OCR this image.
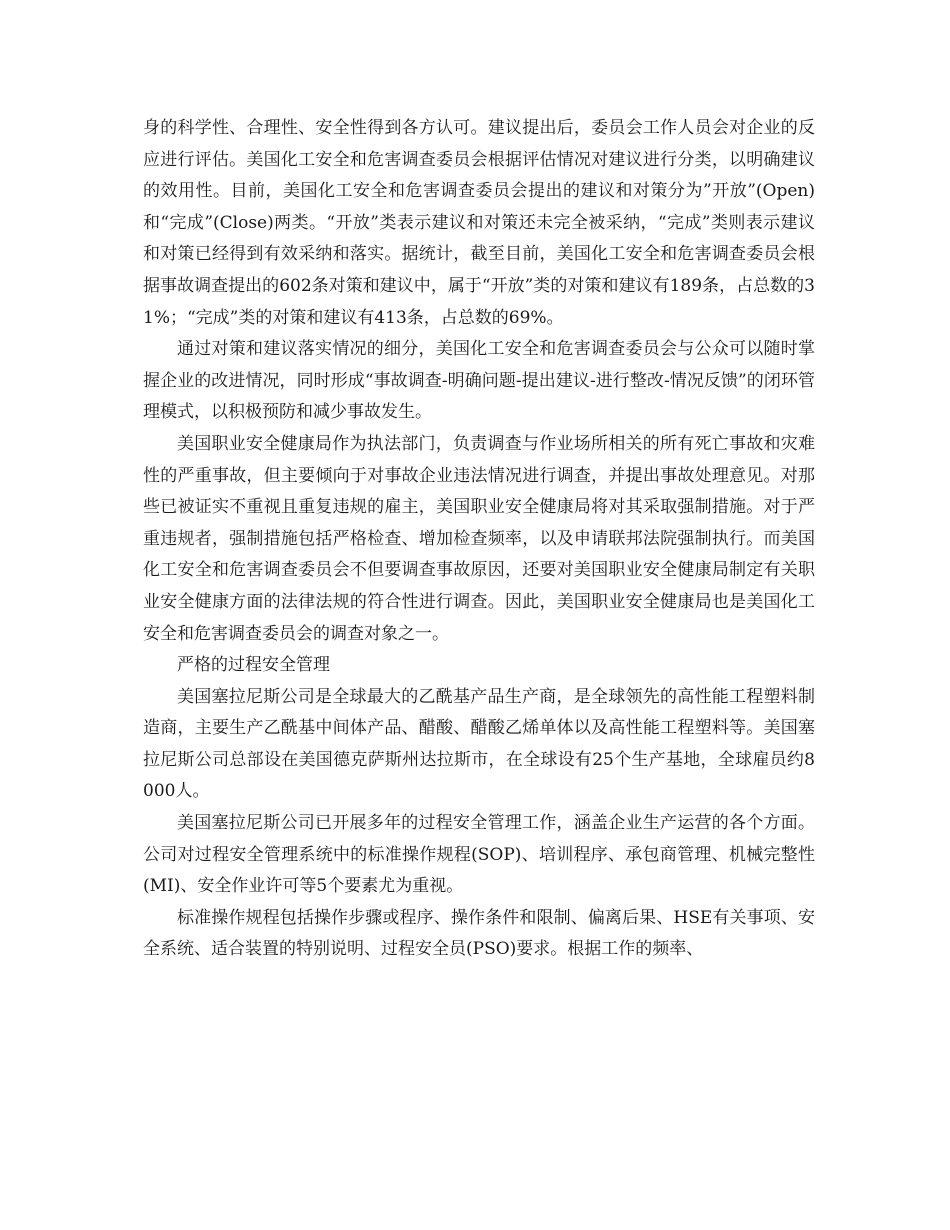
身的科学性、合理性、安全性得到各方认可。建议提出后，委员会工作人员会对企业的反应进行评估。美国化工安全和危害调查委员会根据评估情况对建议进行分类，以明确建议的效用性。目前，美国化工安全和危害调查委员会提出的建议和对策分为”开放”(Open)和“完成”(Close)两类。“开放”类表示建议和对策还未完全被采纳，“完成”类则表示建议和对策已经得到有效采纳和落实。据统计，截至目前，美国化工安全和危害调查委员会根据事故调查提出的602条对策和建议中，属于“开放”类的对策和建议有189条，占总数的31%；“完成”类的对策和建议有413条，占总数的69%。

通过对策和建议落实情况的细分，美国化工安全和危害调查委员会与公众可以随时掌握企业的改进情况，同时形成“事故调查-明确问题-提出建议-进行整改-情况反馈”的闭环管理模式，以积极预防和减少事故发生。

美国职业安全健康局作为执法部门，负责调查与作业场所相关的所有死亡事故和灾难性的严重事故，但主要倾向于对事故企业违法情况进行调查，并提出事故处理意见。对那些已被证实不重视且重复违规的雇主，美国职业安全健康局将对其采取强制措施。对于严重违规者，强制措施包括严格检查、增加检查频率，以及申请联邦法院强制执行。而美国化工安全和危害调查委员会不但要调查事故原因，还要对美国职业安全健康局制定有关职业安全健康方面的法律法规的符合性进行调查。因此，美国职业安全健康局也是美国化工安全和危害调查委员会的调查对象之一。

严格的过程安全管理

美国塞拉尼斯公司是全球最大的乙酰基产品生产商，是全球领先的高性能工程塑料制造商，主要生产乙酰基中间体产品、醋酸、醋酸乙烯单体以及高性能工程塑料等。美国塞拉尼斯公司总部设在美国德克萨斯州达拉斯市，在全球设有25个生产基地，全球雇员约8000人。

美国塞拉尼斯公司已开展多年的过程安全管理工作，涵盖企业生产运营的各个方面。公司对过程安全管理系统中的标准操作规程(SOP)、培训程序、承包商管理、机械完整性(MI)、安全作业许可等5个要素尤为重视。

标准操作规程包括操作步骤或程序、操作条件和限制、偏离后果、HSE有关事项、安全系统、适合装置的特别说明、过程安全员(PSO)要求。根据工作的频率、
